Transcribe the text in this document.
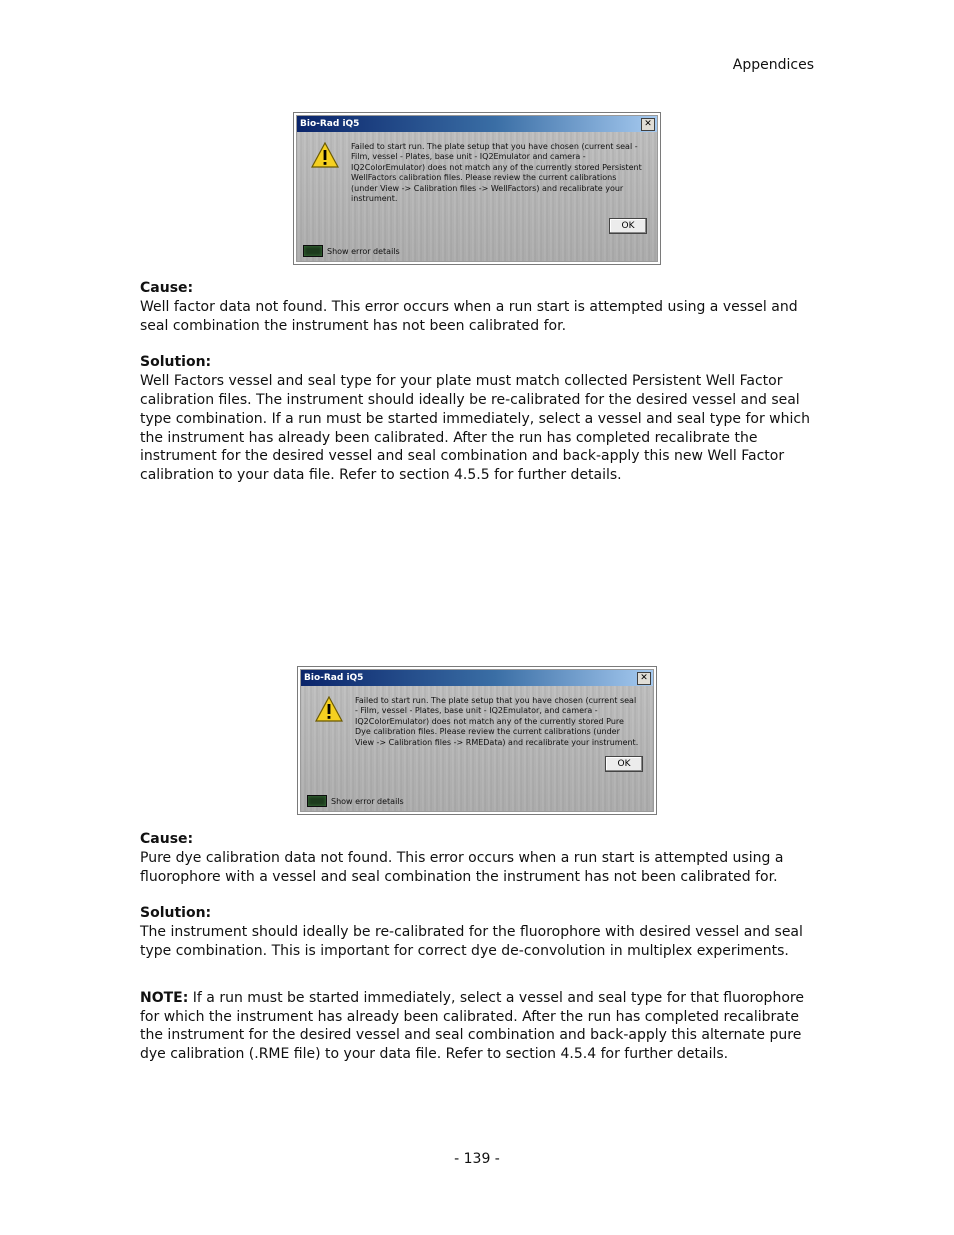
Appendices
Bio-Rad iQ5	✕
Failed to start run. The plate setup that you have chosen (current seal - Film, vessel - Plates, base unit - IQ2Emulator and camera - IQ2ColorEmulator) does not match any of the currently stored Persistent WellFactors calibration files. Please review the current calibrations (under View -> Calibration files -> WellFactors) and recalibrate your instrument.
OK
Show error details

Cause:

Well factor data not found. This error occurs when a run start is attempted using a vessel and seal combination the instrument has not been calibrated for.

Solution:

Well Factors vessel and seal type for your plate must match collected Persistent Well Factor calibration files. The instrument should ideally be re-calibrated for the desired vessel and seal type combination. If a run must be started immediately, select a vessel and seal type for which the instrument has already been calibrated. After the run has completed recalibrate the instrument for the desired vessel and seal combination and back-apply this new Well Factor calibration to your data file. Refer to section 4.5.5 for further details.

Bio-Rad iQ5	✕
Failed to start run. The plate setup that you have chosen (current seal - Film, vessel - Plates, base unit - IQ2Emulator, and camera - IQ2ColorEmulator) does not match any of the currently stored Pure Dye calibration files. Please review the current calibrations (under View -> Calibration files -> RMEData) and recalibrate your instrument.
OK
Show error details

Cause:

Pure dye calibration data not found. This error occurs when a run start is attempted using a fluorophore with a vessel and seal combination the instrument has not been calibrated for.

Solution:

The instrument should ideally be re-calibrated for the fluorophore with desired vessel and seal type combination. This is important for correct dye de-convolution in multiplex experiments.

NOTE: If a run must be started immediately, select a vessel and seal type for that fluorophore for which the instrument has already been calibrated. After the run has completed recalibrate the instrument for the desired vessel and seal combination and back-apply this alternate pure dye calibration (.RME file) to your data file. Refer to section 4.5.4 for further details.

- 139 -
